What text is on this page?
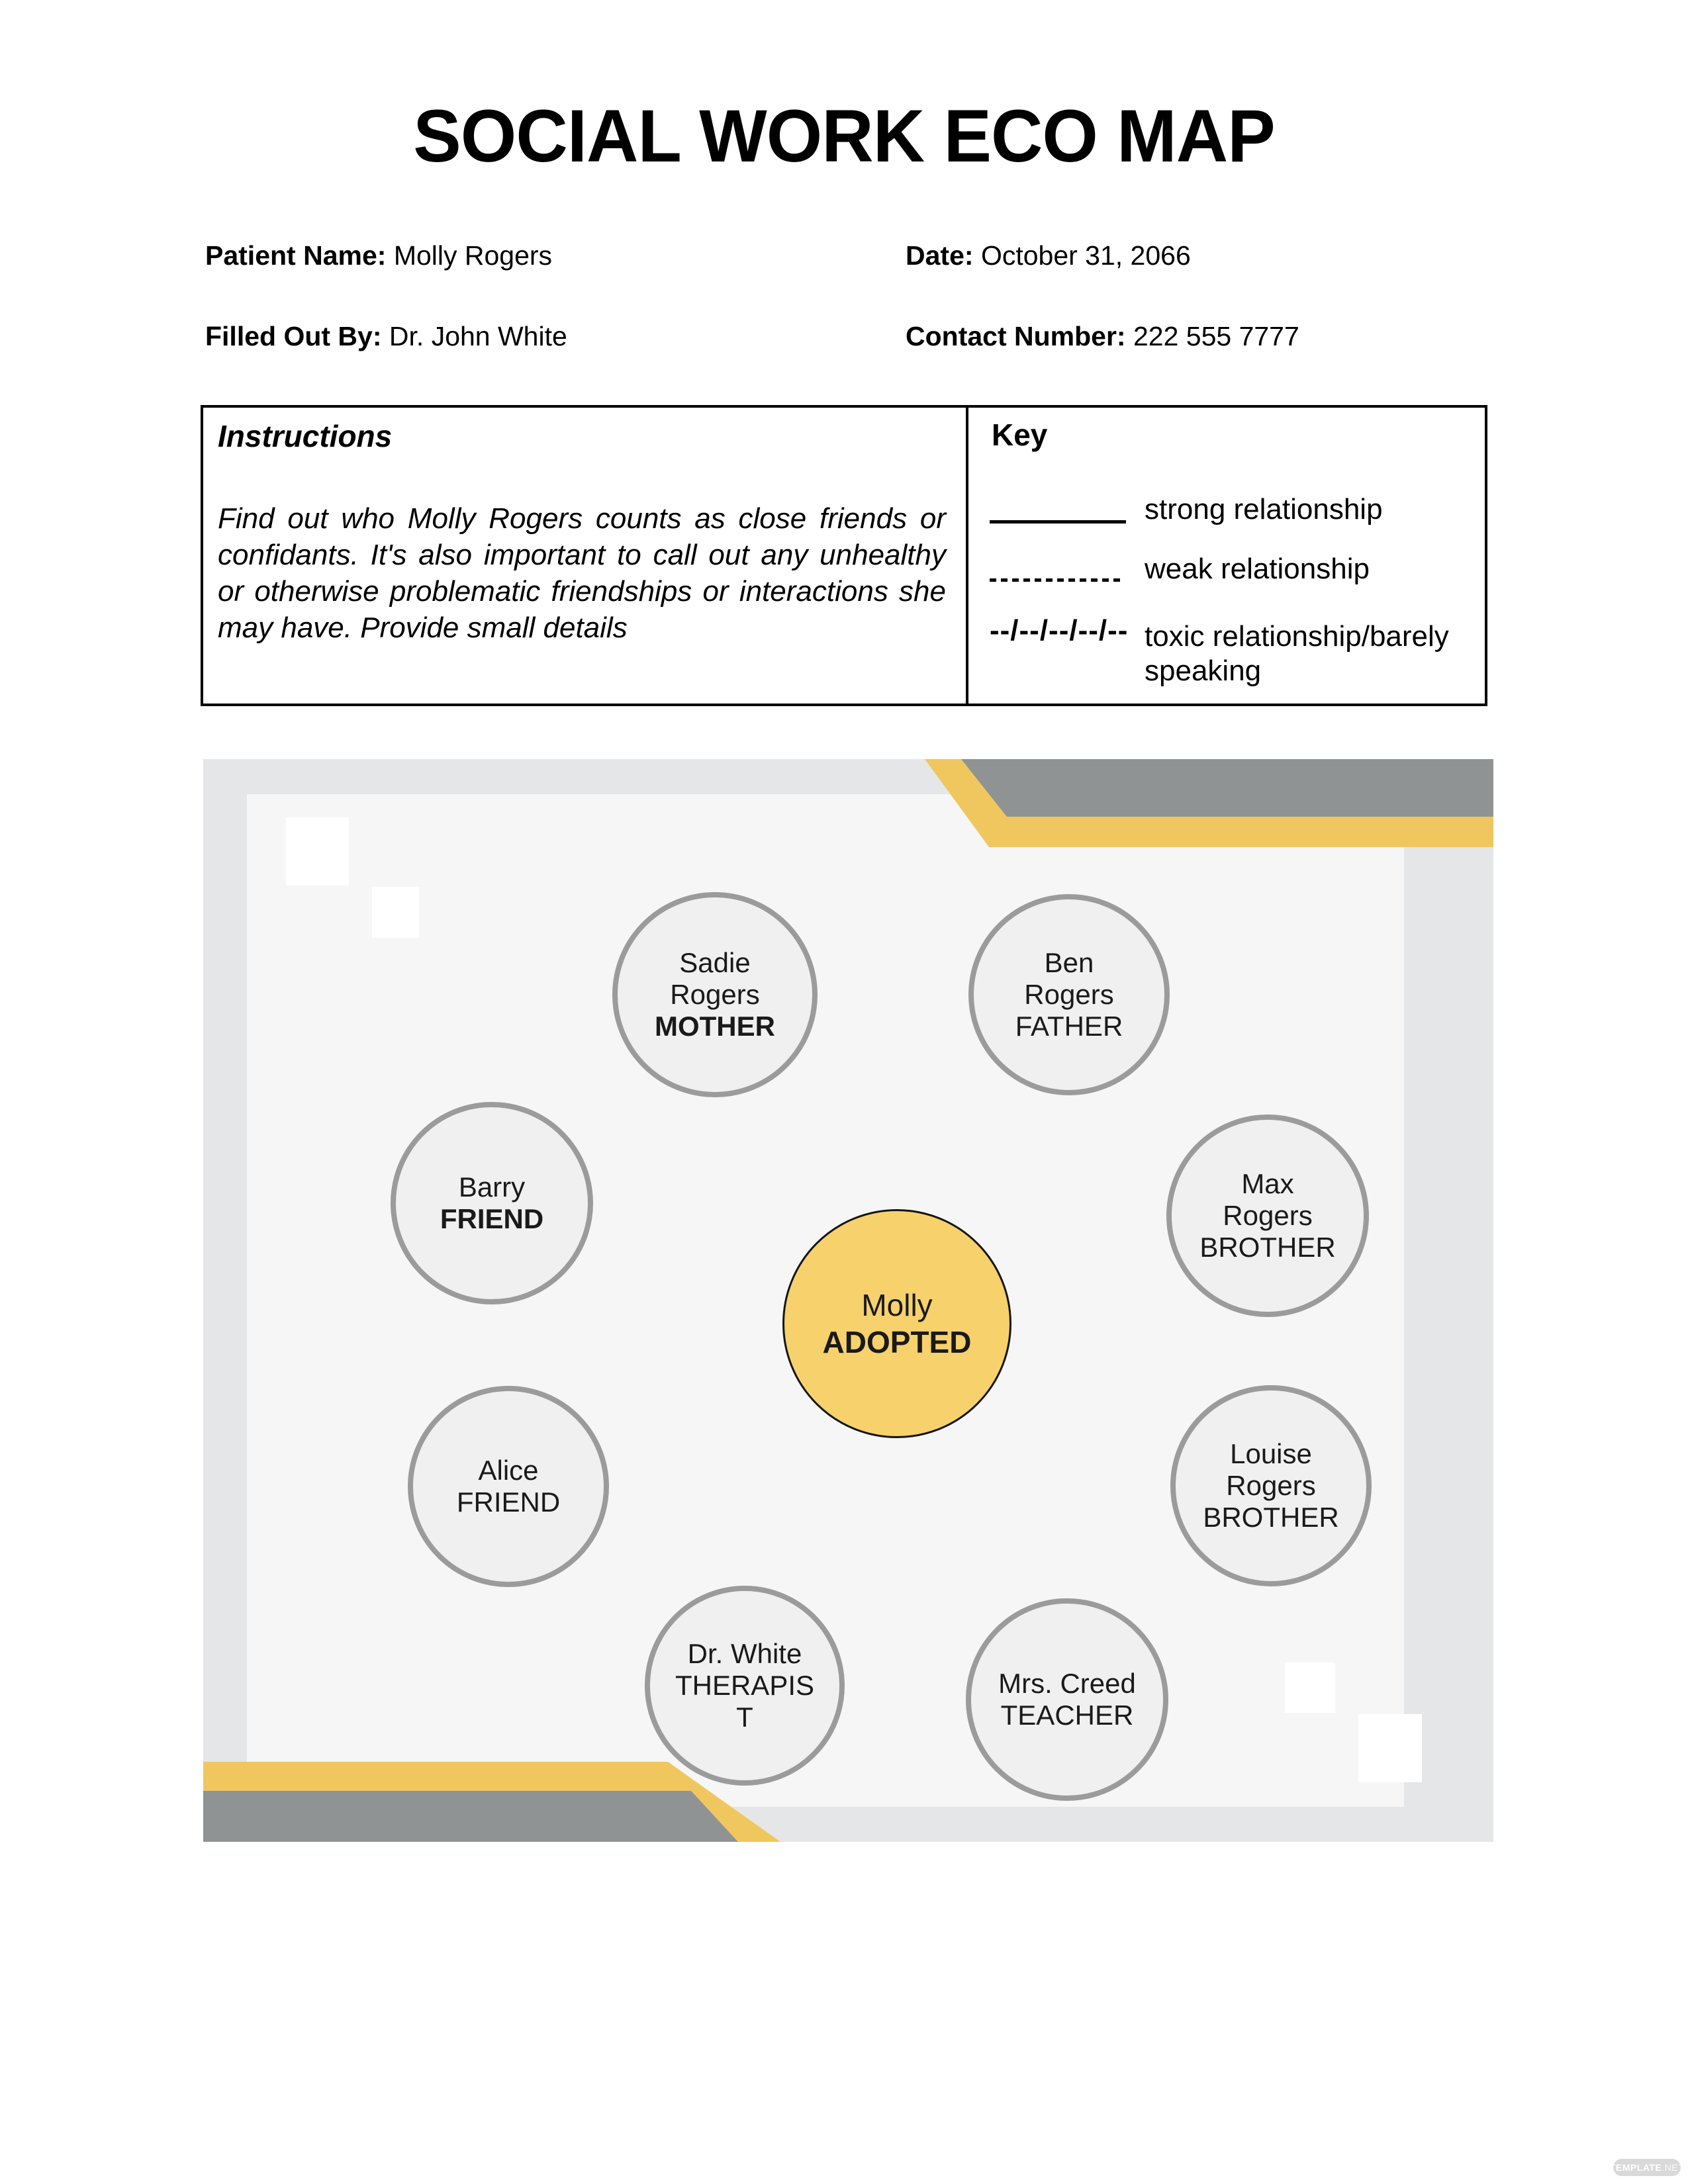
SOCIAL WORK ECO MAP
Patient Name: Molly Rogers	Date: October 31, 2066
Filled Out By: Dr. John White	Contact Number: 222 555 7777
Instructions
Find out who Molly Rogers counts as close friends or confidants. It's also important to call out any unhealthy or otherwise problematic friendships or interactions she may have. Provide small details
Key
strong relationship
weak relationship
--/--/--/--/-- toxic relationship/barely speaking
Sadie
Rogers
MOTHER
Ben
Rogers
FATHER
Barry
FRIEND
Max
Rogers
BROTHER
Molly
ADOPTED
Alice
FRIEND
Louise
Rogers
BROTHER
Dr. White
THERAPIS
T
Mrs. Creed
TEACHER
TEMPLATE .NET
